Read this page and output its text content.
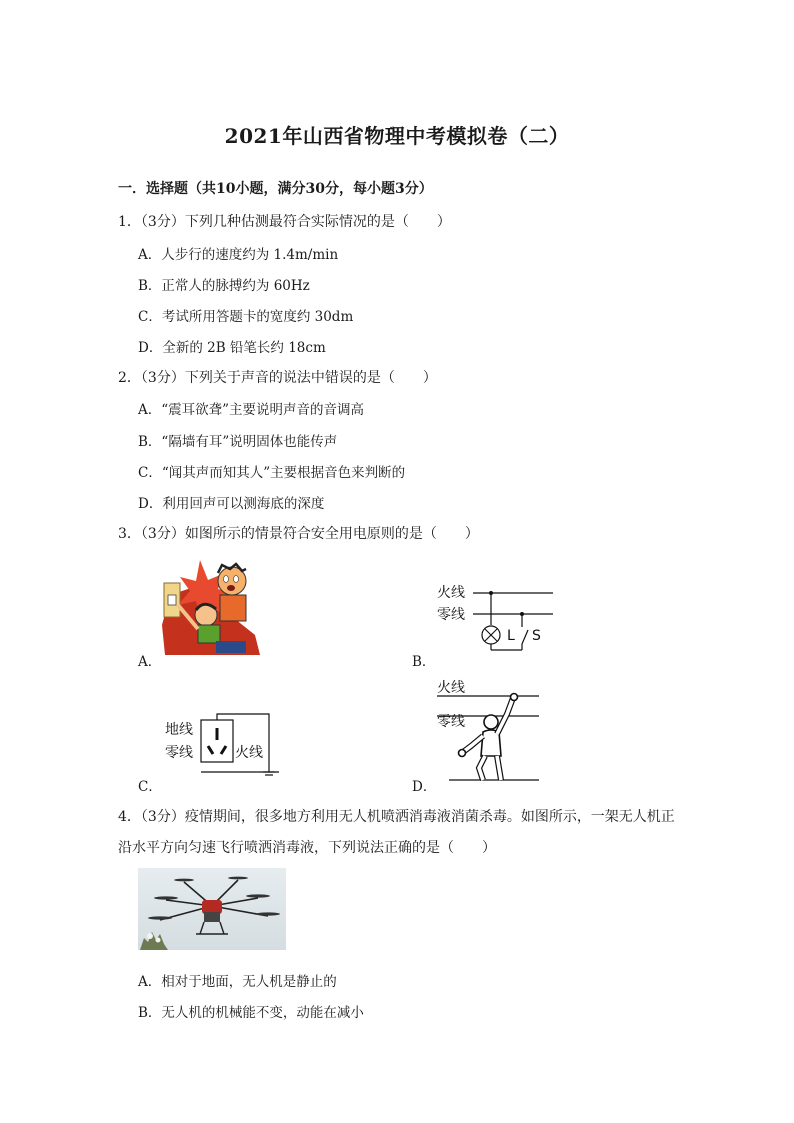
2021年山西省物理中考模拟卷（二）
一．选择题（共10小题，满分30分，每小题3分）
1．（3分）下列几种估测最符合实际情况的是（　　）
A．人步行的速度约为 1.4m/min
B．正常人的脉搏约为 60Hz
C．考试所用答题卡的宽度约 30dm
D．全新的 2B 铅笔长约 18cm
2．（3分）下列关于声音的说法中错误的是（　　）
A．“震耳欲聋”主要说明声音的音调高
B．“隔墙有耳”说明固体也能传声
C．“闻其声而知其人”主要根据音色来判断的
D．利用回声可以测海底的深度
3．（3分）如图所示的情景符合安全用电原则的是（　　）
A．	B．
火线
零线
L S
C．
地线
零线	火线
D．
火线
零线
4．（3分）疫情期间，很多地方利用无人机喷洒消毒液消菌杀毒。如图所示，一架无人机正
沿水平方向匀速飞行喷洒消毒液，下列说法正确的是（　　）
A．相对于地面，无人机是静止的
B．无人机的机械能不变，动能在减小
